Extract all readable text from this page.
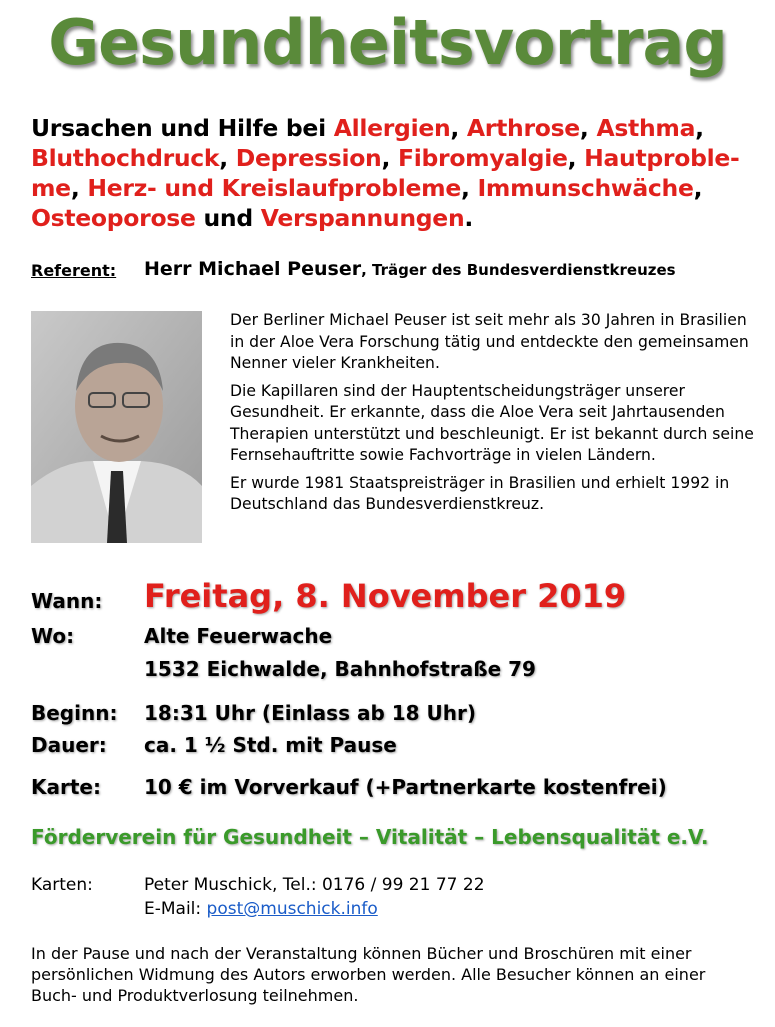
Gesundheitsvortrag
Ursachen und Hilfe bei Allergien, Arthrose, Asthma,
Bluthochdruck, Depression, Fibromyalgie, Hautproble-
me, Herz- und Kreislaufprobleme, Immunschwäche,
Osteoporose und Verspannungen.
Referent: Herr Michael Peuser, Träger des Bundesverdienstkreuzes

Der Berliner Michael Peuser ist seit mehr als 30 Jahren in Brasilien in der Aloe Vera Forschung tätig und entdeckte den gemeinsamen Nenner vieler Krankheiten.

Die Kapillaren sind der Hauptentscheidungsträger unserer Gesundheit. Er erkannte, dass die Aloe Vera seit Jahrtausenden Therapien unterstützt und beschleunigt. Er ist bekannt durch seine Fernsehauftritte sowie Fachvorträge in vielen Ländern.

Er wurde 1981 Staatspreisträger in Brasilien und erhielt 1992 in Deutschland das Bundesverdienstkreuz.

Wann: Freitag, 8. November 2019
Wo:	Alte Feuerwache
1532 Eichwalde, Bahnhofstraße 79
Beginn: 18:31 Uhr (Einlass ab 18 Uhr)
Dauer: ca. 1 ½ Std. mit Pause
Karte: 10 € im Vorverkauf (+Partnerkarte kostenfrei)
Förderverein für Gesundheit – Vitalität – Lebensqualität e.V.
Karten:	Peter Muschick, Tel.: 0176 / 99 21 77 22
E-Mail: post@muschick.info
In der Pause und nach der Veranstaltung können Bücher und Broschüren mit einer persönlichen Widmung des Autors erworben werden. Alle Besucher können an einer Buch- und Produktverlosung teilnehmen.
